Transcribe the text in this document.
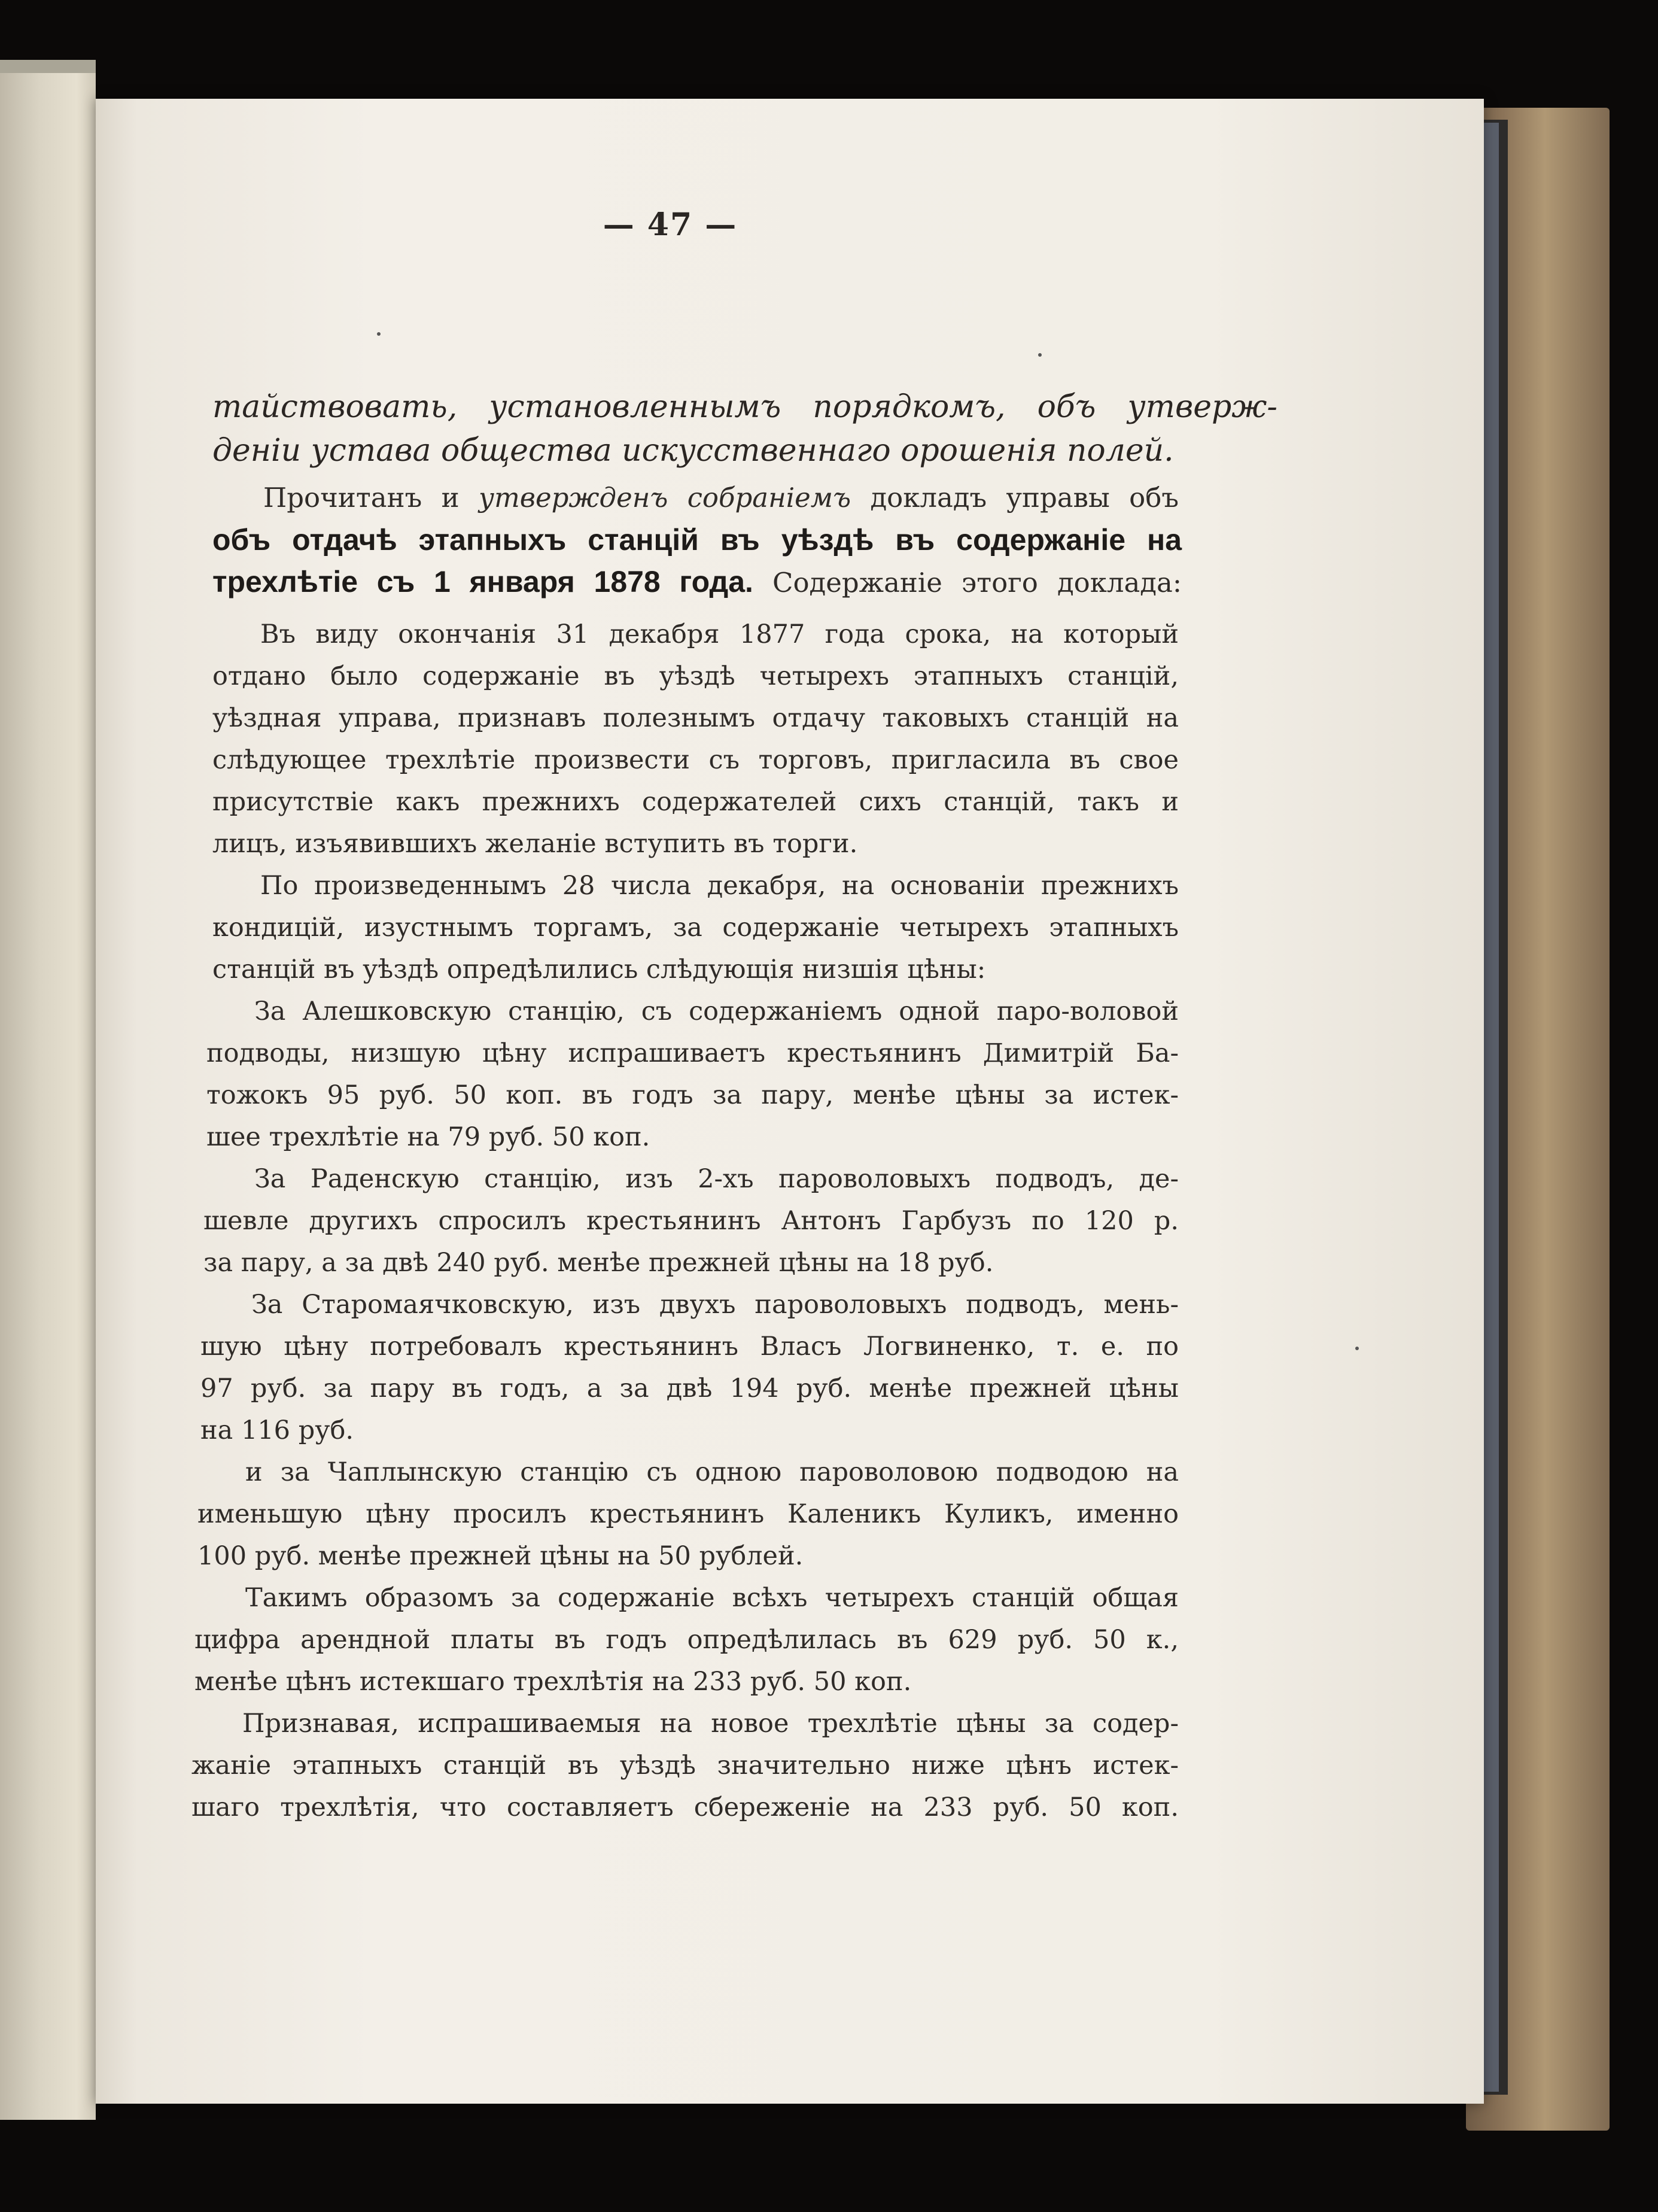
— 47 —
тайствовать, установленнымъ порядкомъ, объ утверж-
деніи устава общества искусственнаго орошенія полей.
Прочитанъ и утвержденъ собраніемъ докладъ управы объ
объ отдачѣ этапныхъ станцій въ уѣздѣ въ содержаніе на
трехлѣтіе съ 1 января 1878 года. Содержаніе этого доклада:
Въ виду окончанія 31 декабря 1877 года срока, на который
отдано было содержаніе въ уѣздѣ четырехъ этапныхъ станцій,
уѣздная управа, признавъ полезнымъ отдачу таковыхъ станцій на
слѣдующее трехлѣтіе произвести съ торговъ, пригласила въ свое
присутствіе какъ прежнихъ содержателей сихъ станцій, такъ и
лицъ, изъявившихъ желаніе вступить въ торги.
По произведеннымъ 28 числа декабря, на основаніи прежнихъ
кондицій, изустнымъ торгамъ, за содержаніе четырехъ этапныхъ
станцій въ уѣздѣ опредѣлились слѣдующія низшія цѣны:
За Алешковскую станцію, съ содержаніемъ одной паро-воловой
подводы, низшую цѣну испрашиваетъ крестьянинъ Димитрій Ба-
тожокъ 95 руб. 50 коп. въ годъ за пару, менѣе цѣны за истек-
шее трехлѣтіе на 79 руб. 50 коп.
За Раденскую станцію, изъ 2-хъ пароволовыхъ подводъ, де-
шевле другихъ спросилъ крестьянинъ Антонъ Гарбузъ по 120 р.
за пару, а за двѣ 240 руб. менѣе прежней цѣны на 18 руб.
За Старомаячковскую, изъ двухъ пароволовыхъ подводъ, мень-
шую цѣну потребовалъ крестьянинъ Власъ Логвиненко, т. е. по
97 руб. за пару въ годъ, а за двѣ 194 руб. менѣе прежней цѣны
на 116 руб.
и за Чаплынскую станцію съ одною пароволовою подводою на
именьшую цѣну просилъ крестьянинъ Каленикъ Куликъ, именно
100 руб. менѣе прежней цѣны на 50 рублей.
Такимъ образомъ за содержаніе всѣхъ четырехъ станцій общая
цифра арендной платы въ годъ опредѣлилась въ 629 руб. 50 к.,
менѣе цѣнъ истекшаго трехлѣтія на 233 руб. 50 коп.
Признавая, испрашиваемыя на новое трехлѣтіе цѣны за содер-
жаніе этапныхъ станцій въ уѣздѣ значительно ниже цѣнъ истек-
шаго трехлѣтія, что составляетъ сбереженіе на 233 руб. 50 коп.
